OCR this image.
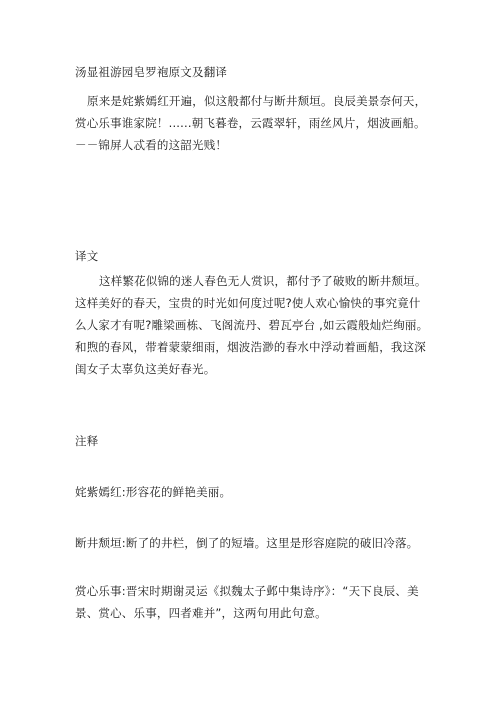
汤显祖游园皂罗袍原文及翻译
原来是姹紫嫣红开遍，似这般都付与断井颓垣。良辰美景奈何天，
赏心乐事谁家院！......朝飞暮卷，云霞翠轩，雨丝风片，烟波画船。
－－锦屏人忒看的这韶光贱！
译文
这样繁花似锦的迷人春色无人赏识，都付予了破败的断井颓垣。
这样美好的春天，宝贵的时光如何度过呢?使人欢心愉快的事究竟什
么人家才有呢?雕梁画栋、飞阁流丹、碧瓦亭台 ,如云霞般灿烂绚丽。
和煦的春风，带着蒙蒙细雨，烟波浩渺的春水中浮动着画船，我这深
闺女子太辜负这美好春光。
注释
姹紫嫣红:形容花的鲜艳美丽。
断井颓垣:断了的井栏，倒了的短墙。这里是形容庭院的破旧冷落。
赏心乐事:晋宋时期谢灵运《拟魏太子邺中集诗序》：“天下良辰、美
景、赏心、乐事，四者难并”，这两句用此句意。
